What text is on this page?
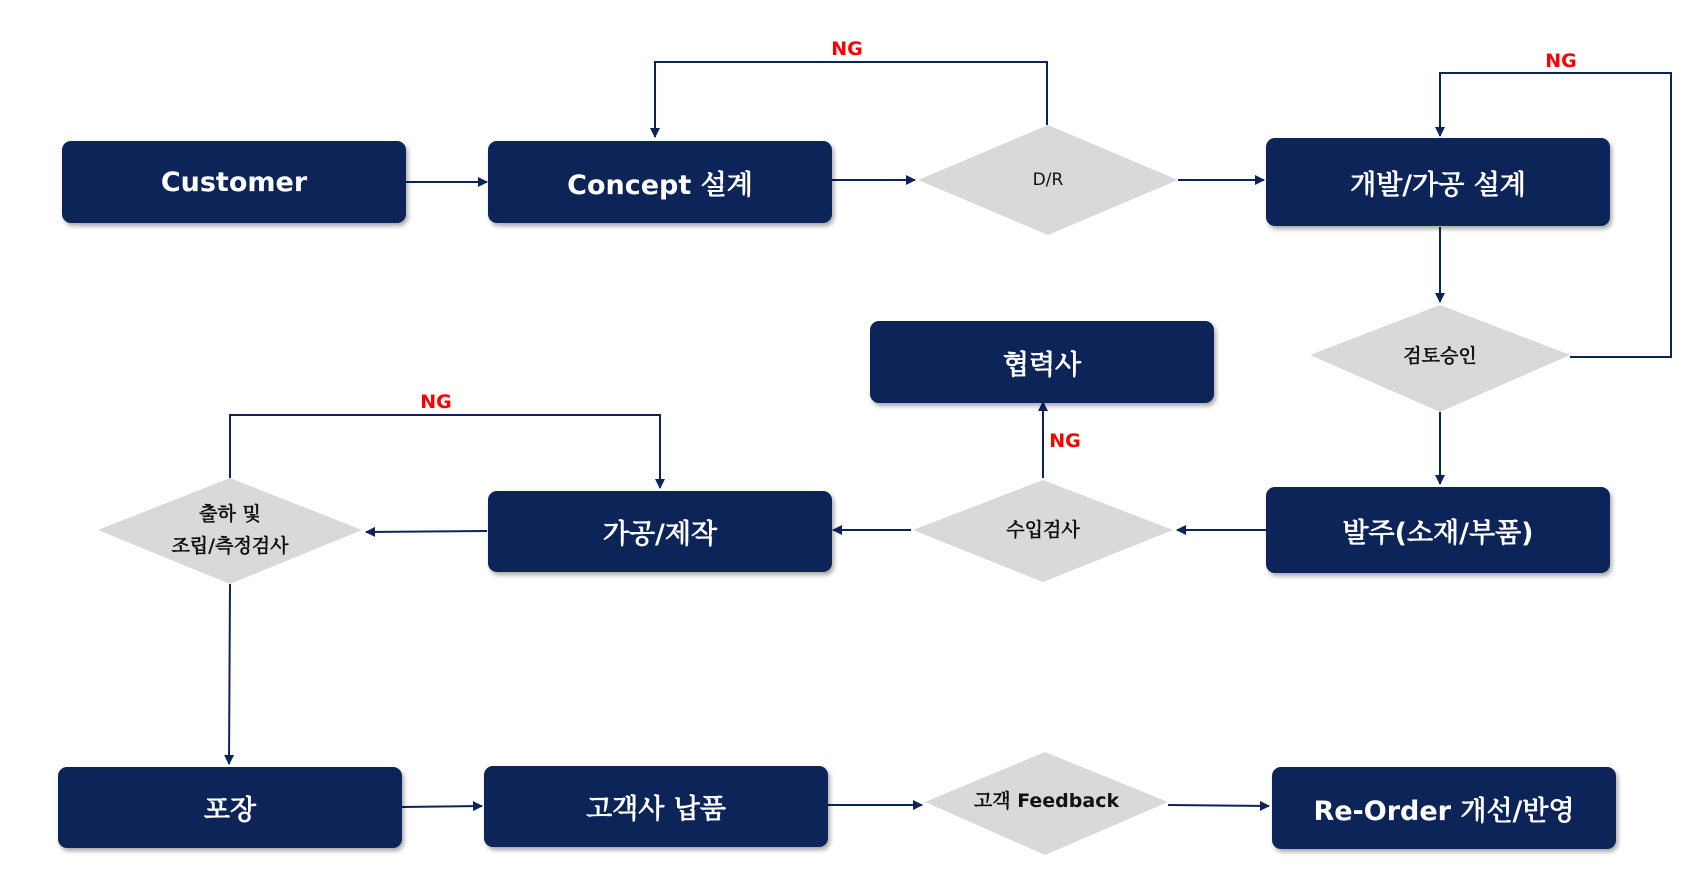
Customer	Concept 설계	개발/가공 설계
협력사
발주(소재/부품)
가공/제작
포장	고객사 납품	Re-Order 개선/반영
D/R
검토승인
수입검사
출하 및
조립/측정검사
고객 Feedback
NG
NG
NG
NG
